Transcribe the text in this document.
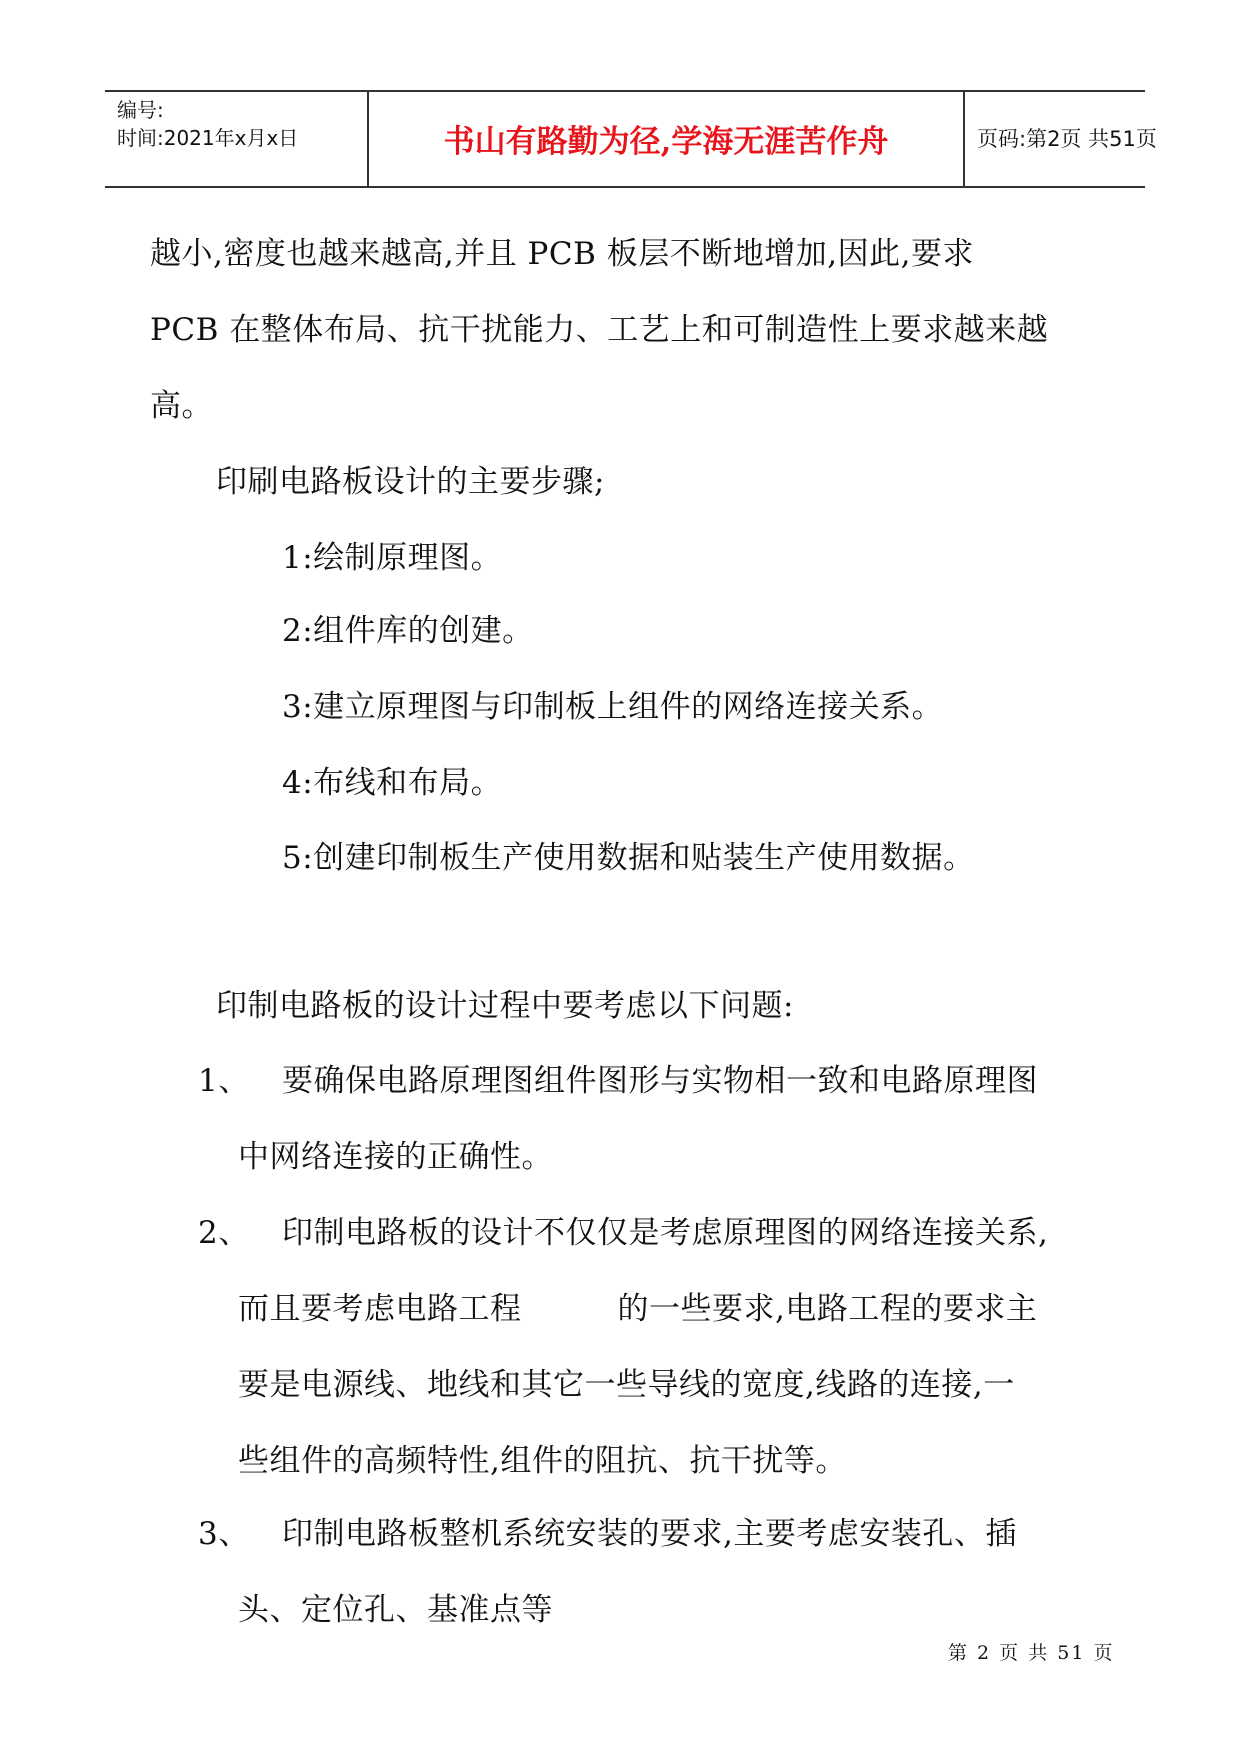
编号:
时间:2021年x月x日	书山有路勤为径,学海无涯苦作舟	页码:第2页 共51页
越小,密度也越来越高,并且 PCB 板层不断地增加,因此,要求
PCB 在整体布局、抗干扰能力、工艺上和可制造性上要求越来越
高。
印刷电路板设计的主要步骤;
1:绘制原理图。
2:组件库的创建。
3:建立原理图与印制板上组件的网络连接关系。
4:布线和布局。
5:创建印制板生产使用数据和贴装生产使用数据。
印制电路板的设计过程中要考虑以下问题:
1、 要确保电路原理图组件图形与实物相一致和电路原理图
中网络连接的正确性。
2、 印制电路板的设计不仅仅是考虑原理图的网络连接关系,
而且要考虑电路工程	的一些要求,电路工程的要求主
要是电源线、地线和其它一些导线的宽度,线路的连接,一
些组件的高频特性,组件的阻抗、抗干扰等。
3、 印制电路板整机系统安装的要求,主要考虑安装孔、插
头、定位孔、基准点等
第 2 页 共 51 页
